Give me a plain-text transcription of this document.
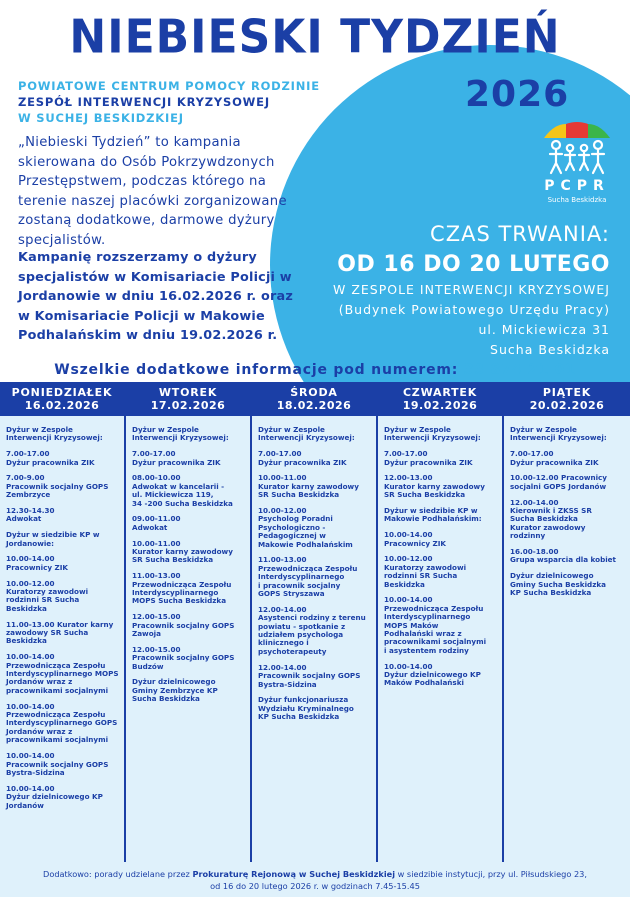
NIEBIESKI TYDZIEŃ
2026
POWIATOWE CENTRUM POMOCY RODZINIE
ZESPÓŁ INTERWENCJI KRYZYSOWEJ
W SUCHEJ BESKIDZKIEJ
„Niebieski Tydzień” to kampania skierowana do Osób Pokrzywdzonych Przestępstwem, podczas którego na terenie naszej placówki zorganizowane zostaną dodatkowe, darmowe dyżury specjalistów.
Kampanię rozszerzamy o dyżury specjalistów w Komisariacie Policji w Jordanowie w dniu 16.02.2026 r. oraz w Komisariacie Policji w Makowie Podhalańskim w dniu 19.02.2026 r.
PCPR
Sucha Beskidzka
CZAS TRWANIA:
OD 16 DO 20 LUTEGO
W ZESPOLE INTERWENCJI KRYZYSOWEJ
(Budynek Powiatowego Urzędu Pracy)
ul. Mickiewicza 31
Sucha Beskidzka
Wszelkie dodatkowe informacje pod numerem: 33 874 21 01
PONIEDZIAŁEK
16.02.2026
Dyżur w Zespole
Interwencji Kryzysowej:
7.00-17.00
Dyżur pracownika ZIK
7.00-9.00
Pracownik socjalny GOPS
Zembrzyce
12.30-14.30
Adwokat
Dyżur w siedzibie KP w
Jordanowie:
10.00-14.00
Pracownicy ZIK
10.00-12.00
Kuratorzy zawodowi
rodzinni SR Sucha
Beskidzka
11.00-13.00 Kurator karny
zawodowy SR Sucha
Beskidzka
10.00-14.00
Przewodnicząca Zespołu
Interdyscyplinarnego MOPS
Jordanów wraz z
pracownikami socjalnymi
10.00-14.00
Przewodnicząca Zespołu
Interdyscyplinarnego GOPS
Jordanów wraz z
pracownikami socjalnymi
10.00-14.00
Pracownik socjalny GOPS
Bystra-Sidzina
10.00-14.00
Dyżur dzielnicowego KP
Jordanów
WTOREK
17.02.2026
Dyżur w Zespole
Interwencji Kryzysowej:
7.00-17.00
Dyżur pracownika ZIK
08.00-10.00
Adwokat w kancelarii -
ul. Mickiewicza 119,
34 -200 Sucha Beskidzka
09.00-11.00
Adwokat
10.00-11.00
Kurator karny zawodowy
SR Sucha Beskidzka
11.00-13.00
Przewodnicząca Zespołu
Interdyscyplinarnego
MOPS Sucha Beskidzka
12.00-15.00
Pracownik socjalny GOPS
Zawoja
12.00-15.00
Pracownik socjalny GOPS
Budzów
Dyżur dzielnicowego
Gminy Zembrzyce KP
Sucha Beskidzka
ŚRODA
18.02.2026
Dyżur w Zespole
Interwencji Kryzysowej:
7.00-17.00
Dyżur pracownika ZIK
10.00-11.00
Kurator karny zawodowy
SR Sucha Beskidzka
10.00-12.00
Psycholog Poradni
Psychologiczno -
Pedagogicznej w
Makowie Podhalańskim
11.00-13.00
Przewodnicząca Zespołu
Interdyscyplinarnego
i pracownik socjalny
GOPS Stryszawa
12.00-14.00
Asystenci rodziny z terenu
powiatu - spotkanie z
udziałem psychologa
klinicznego i
psychoterapeuty
12.00-14.00
Pracownik socjalny GOPS
Bystra-Sidzina
Dyżur funkcjonariusza
Wydziału Kryminalnego
KP Sucha Beskidzka
CZWARTEK
19.02.2026
Dyżur w Zespole
Interwencji Kryzysowej:
7.00-17.00
Dyżur pracownika ZIK
12.00-13.00
Kurator karny zawodowy
SR Sucha Beskidzka
Dyżur w siedzibie KP w
Makowie Podhalańskim:
10.00-14.00
Pracownicy ZIK
10.00-12.00
Kuratorzy zawodowi
rodzinni SR Sucha
Beskidzka
10.00-14.00
Przewodnicząca Zespołu
Interdyscyplinarnego
MOPS Maków
Podhalański wraz z
pracownikami socjalnymi
i asystentem rodziny
10.00-14.00
Dyżur dzielnicowego KP
Maków Podhalański
PIĄTEK
20.02.2026
Dyżur w Zespole
Interwencji Kryzysowej:
7.00-17.00
Dyżur pracownika ZIK
10.00-12.00 Pracownicy
socjalni GOPS Jordanów
12.00-14.00
Kierownik i ZKSS SR
Sucha Beskidzka
Kurator zawodowy
rodzinny
16.00-18.00
Grupa wsparcia dla kobiet
Dyżur dzielnicowego
Gminy Sucha Beskidzka
KP Sucha Beskidzka
Dodatkowo: porady udzielane przez Prokuraturę Rejonową w Suchej Beskidzkiej w siedzibie instytucji, przy ul. Piłsudskiego 23,
od 16 do 20 lutego 2026 r. w godzinach 7.45-15.45
